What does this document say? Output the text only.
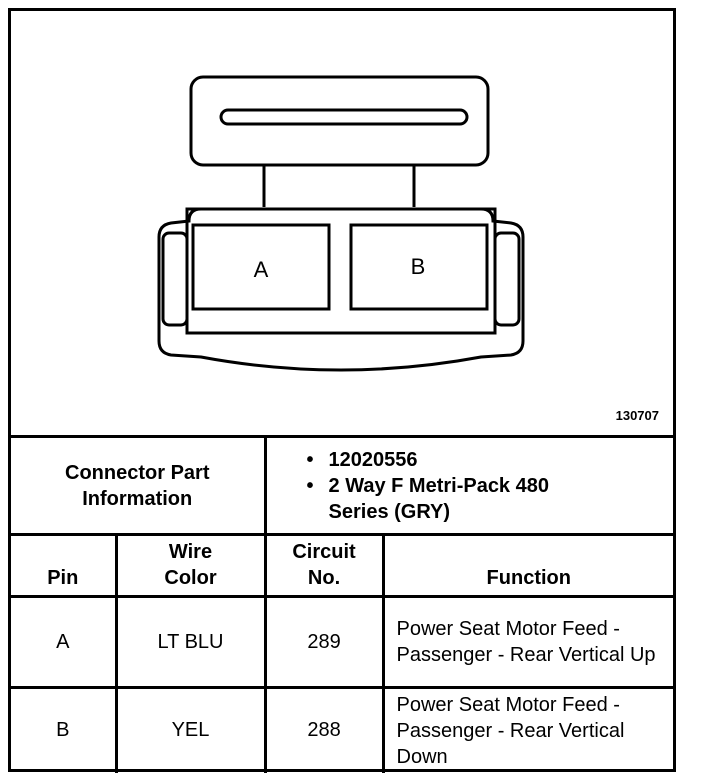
A	B
130707
Connector Part Information		• 12020556
• 2 Way F Metri-Pack 480 Series (GRY)	

Pin	Wire Color	Circuit No.	Function
A	LT BLU	289	Power Seat Motor Feed - Passenger - Rear Vertical Up
B	YEL	288	Power Seat Motor Feed - Passenger - Rear Vertical Down
